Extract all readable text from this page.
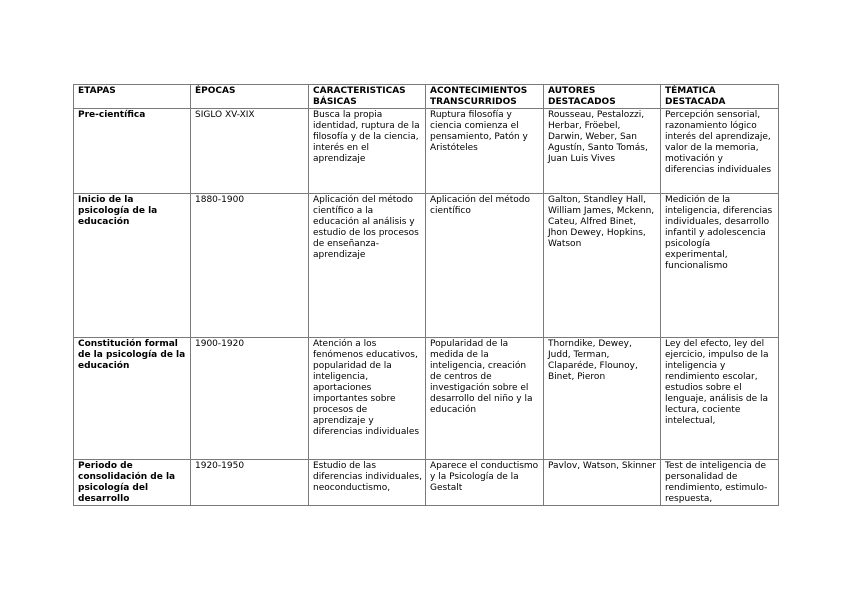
ETAPAS	ÉPOCAS	CARACTERISTICAS BÁSICAS	ACONTECIMIENTOS TRANSCURRIDOS	AUTORES DESTACADOS	TÉMATICA DESTACADA
Pre-científica	SIGLO XV-XIX	Busca la propia identidad, ruptura de la filosofía y de la ciencia, interés en el aprendizaje	Ruptura filosofía y ciencia comienza el pensamiento, Patón y Aristóteles	Rousseau, Pestalozzi, Herbar, Fröebel, Darwin, Weber, San Agustín, Santo Tomás, Juan Luis Vives	Percepción sensorial, razonamiento lógico interés del aprendizaje, valor de la memoria, motivación y diferencias individuales
Inicio de la psicología de la educación	1880-1900	Aplicación del método científico a la educación al análisis y estudio de los procesos de enseñanza-aprendizaje	Aplicación del método científico	Galton, Standley Hall, William James, Mckenn, Cateu, Alfred Binet, Jhon Dewey, Hopkins, Watson	Medición de la inteligencia, diferencias individuales, desarrollo infantil y adolescencia psicología experimental, funcionalismo
Constitución formal de la psicología de la educación	1900-1920	Atención a los fenómenos educativos, popularidad de la inteligencia, aportaciones importantes sobre procesos de aprendizaje y diferencias individuales	Popularidad de la medida de la inteligencia, creación de centros de investigación sobre el desarrollo del niño y la educación	Thorndike, Dewey, Judd, Terman, Claparéde, Flounoy, Binet, Pieron	Ley del efecto, ley del ejercicio, impulso de la inteligencia y rendimiento escolar, estudios sobre el lenguaje, análisis de la lectura, cociente intelectual,
Periodo de consolidación de la psicología del desarrollo	1920-1950	Estudio de las diferencias individuales, neoconductismo,	Aparece el conductismo y la Psicología de la Gestalt	Pavlov, Watson, Skinner	Test de inteligencia de personalidad de rendimiento, estimulo-respuesta,
